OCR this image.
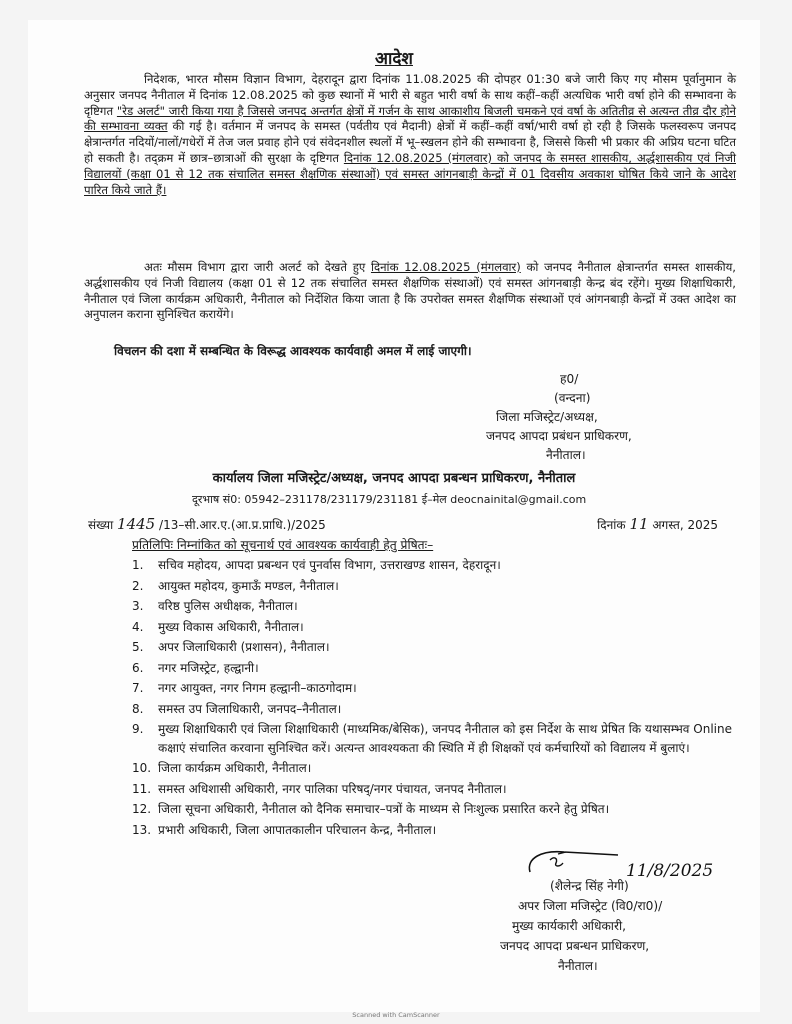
आदेश
निदेशक, भारत मौसम विज्ञान विभाग, देहरादून द्वारा दिनांक 11.08.2025 की दोपहर 01:30 बजे जारी किए गए मौसम पूर्वानुमान के अनुसार जनपद नैनीताल में दिनांक 12.08.2025 को कुछ स्थानों में भारी से बहुत भारी वर्षा के साथ कहीं–कहीं अत्यधिक भारी वर्षा होने की सम्भावना के दृष्टिगत "रेड अलर्ट" जारी किया गया है जिससे जनपद अन्तर्गत क्षेत्रों में गर्जन के साथ आकाशीय बिजली चमकने एवं वर्षा के अतितीव्र से अत्यन्त तीव्र दौर होने की सम्भावना व्यक्त की गई है। वर्तमान में जनपद के समस्त (पर्वतीय एवं मैदानी) क्षेत्रों में कहीं–कहीं वर्षा/भारी वर्षा हो रही है जिसके फलस्वरूप जनपद क्षेत्रान्तर्गत नदियों/नालों/गधेरों में तेज जल प्रवाह होने एवं संवेदनशील स्थलों में भू–स्खलन होने की सम्भावना है, जिससे किसी भी प्रकार की अप्रिय घटना घटित हो सकती है। तद्क्रम में छात्र–छात्राओं की सुरक्षा के दृष्टिगत दिनांक 12.08.2025 (मंगलवार) को जनपद के समस्त शासकीय, अर्द्धशासकीय एवं निजी विद्यालयों (कक्षा 01 से 12 तक संचालित समस्त शैक्षणिक संस्थाओं) एवं समस्त आंगनबाड़ी केन्द्रों में 01 दिवसीय अवकाश घोषित किये जाने के आदेश पारित किये जाते हैं।
अतः मौसम विभाग द्वारा जारी अलर्ट को देखते हुए दिनांक 12.08.2025 (मंगलवार) को जनपद नैनीताल क्षेत्रान्तर्गत समस्त शासकीय, अर्द्धशासकीय एवं निजी विद्यालय (कक्षा 01 से 12 तक संचालित समस्त शैक्षणिक संस्थाओं) एवं समस्त आंगनबाड़ी केन्द्र बंद रहेंगे। मुख्य शिक्षाधिकारी, नैनीताल एवं जिला कार्यक्रम अधिकारी, नैनीताल को निर्देशित किया जाता है कि उपरोक्त समस्त शैक्षणिक संस्थाओं एवं आंगनबाड़ी केन्द्रों में उक्त आदेश का अनुपालन कराना सुनिश्चित करायेंगे।
विचलन की दशा में सम्बन्धित के विरूद्ध आवश्यक कार्यवाही अमल में लाई जाएगी।
ह0/
(वन्दना)
जिला मजिस्ट्रेट/अध्यक्ष,
जनपद आपदा प्रबंधन प्राधिकरण,
नैनीताल।
कार्यालय जिला मजिस्ट्रेट/अध्यक्ष, जनपद आपदा प्रबन्धन प्राधिकरण, नैनीताल
दूरभाष सं0: 05942–231178/231179/231181 ई–मेल deocnainital@gmail.com
संख्या 1445 /13–सी.आर.ए.(आ.प्र.प्राधि.)/2025	दिनांक 11 अगस्त, 2025
प्रतिलिपिः निम्नांकित को सूचनार्थ एवं आवश्यक कार्यवाही हेतु प्रेषितः–
1. सचिव महोदय, आपदा प्रबन्धन एवं पुनर्वास विभाग, उत्तराखण्ड शासन, देहरादून।
2. आयुक्त महोदय, कुमाऊँ मण्डल, नैनीताल।
3. वरिष्ठ पुलिस अधीक्षक, नैनीताल।
4. मुख्य विकास अधिकारी, नैनीताल।
5. अपर जिलाधिकारी (प्रशासन), नैनीताल।
6. नगर मजिस्ट्रेट, हल्द्वानी।
7. नगर आयुक्त, नगर निगम हल्द्वानी–काठगोदाम।
8. समस्त उप जिलाधिकारी, जनपद–नैनीताल।
9. मुख्य शिक्षाधिकारी एवं जिला शिक्षाधिकारी (माध्यमिक/बेसिक), जनपद नैनीताल को इस निर्देश के साथ प्रेषित कि यथासम्भव Online कक्षाएं संचालित करवाना सुनिश्चित करें। अत्यन्त आवश्यकता की स्थिति में ही शिक्षकों एवं कर्मचारियों को विद्यालय में बुलाएं।
10. जिला कार्यक्रम अधिकारी, नैनीताल।
11. समस्त अधिशासी अधिकारी, नगर पालिका परिषद्/नगर पंचायत, जनपद नैनीताल।
12. जिला सूचना अधिकारी, नैनीताल को दैनिक समाचार–पत्रों के माध्यम से निःशुल्क प्रसारित करने हेतु प्रेषित।
13. प्रभारी अधिकारी, जिला आपातकालीन परिचालन केन्द्र, नैनीताल।
11/8/2025
(शैलेन्द्र सिंह नेगी)
अपर जिला मजिस्ट्रेट (वि0/रा0)/
मुख्य कार्यकारी अधिकारी,
जनपद आपदा प्रबन्धन प्राधिकरण,
नैनीताल।
Scanned with CamScanner
